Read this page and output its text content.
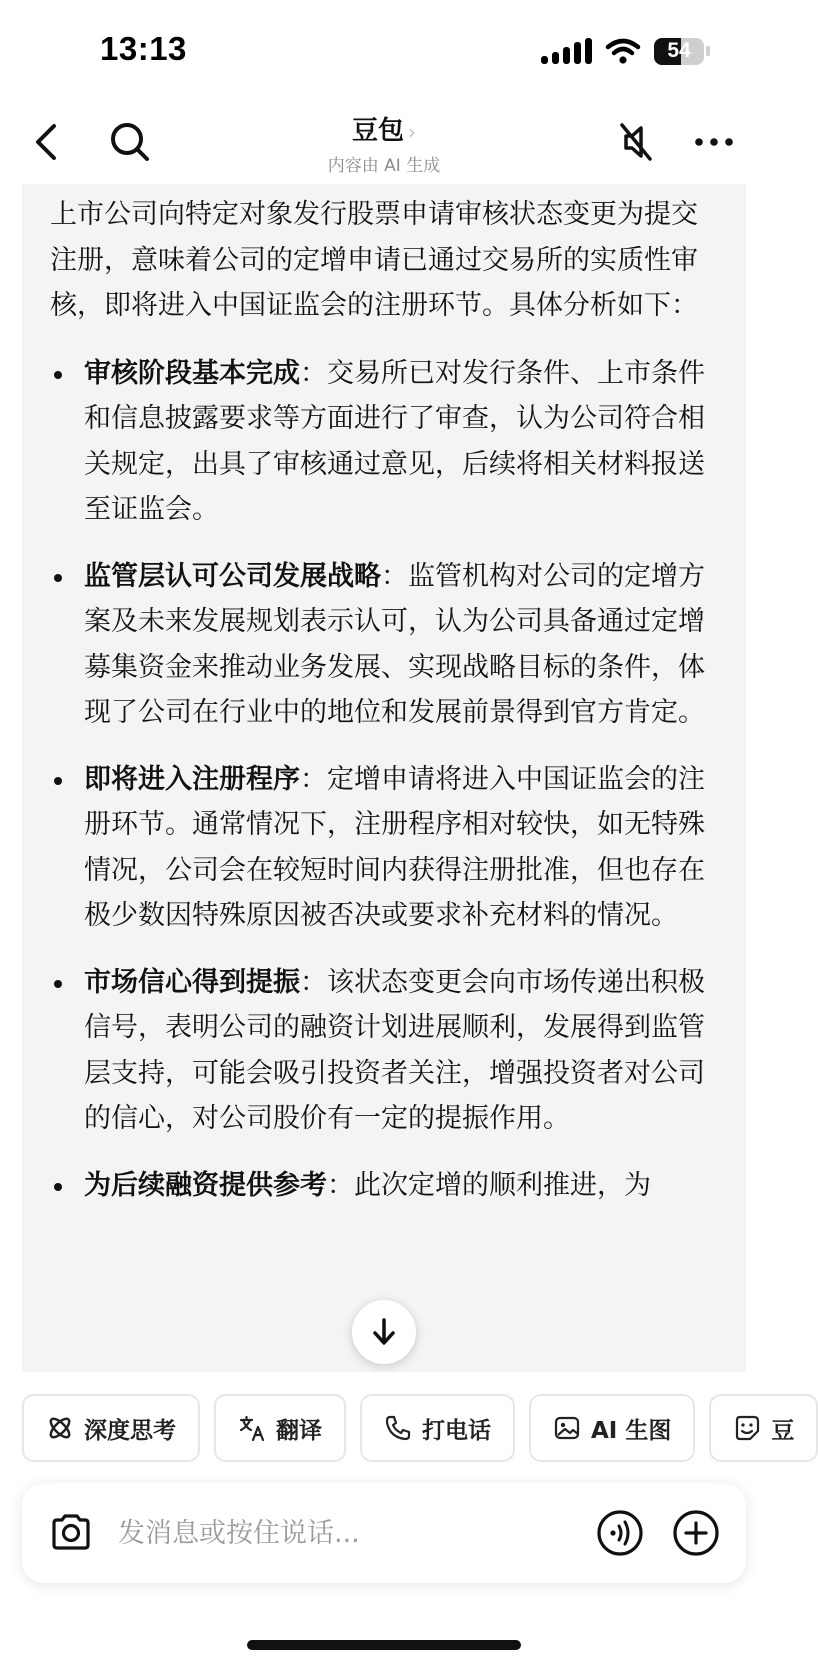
13:13	54
豆包 ›
内容由 AI 生成

上市公司向特定对象发行股票申请审核状态变更为提交注册，意味着公司的定增申请已通过交易所的实质性审核，即将进入中国证监会的注册环节。具体分析如下：

审核阶段基本完成：交易所已对发行条件、上市条件和信息披露要求等方面进行了审查，认为公司符合相关规定，出具了审核通过意见，后续将相关材料报送至证监会。
监管层认可公司发展战略：监管机构对公司的定增方案及未来发展规划表示认可，认为公司具备通过定增募集资金来推动业务发展、实现战略目标的条件，体现了公司在行业中的地位和发展前景得到官方肯定。
即将进入注册程序：定增申请将进入中国证监会的注册环节。通常情况下，注册程序相对较快，如无特殊情况，公司会在较短时间内获得注册批准，但也存在极少数因特殊原因被否决或要求补充材料的情况。
市场信心得到提振：该状态变更会向市场传递出积极信号，表明公司的融资计划进展顺利，发展得到监管层支持，可能会吸引投资者关注，增强投资者对公司的信心，对公司股价有一定的提振作用。
为后续融资提供参考：此次定增的顺利推进，为
深度思考	翻译	打电话	AI 生图	豆
发消息或按住说话...
